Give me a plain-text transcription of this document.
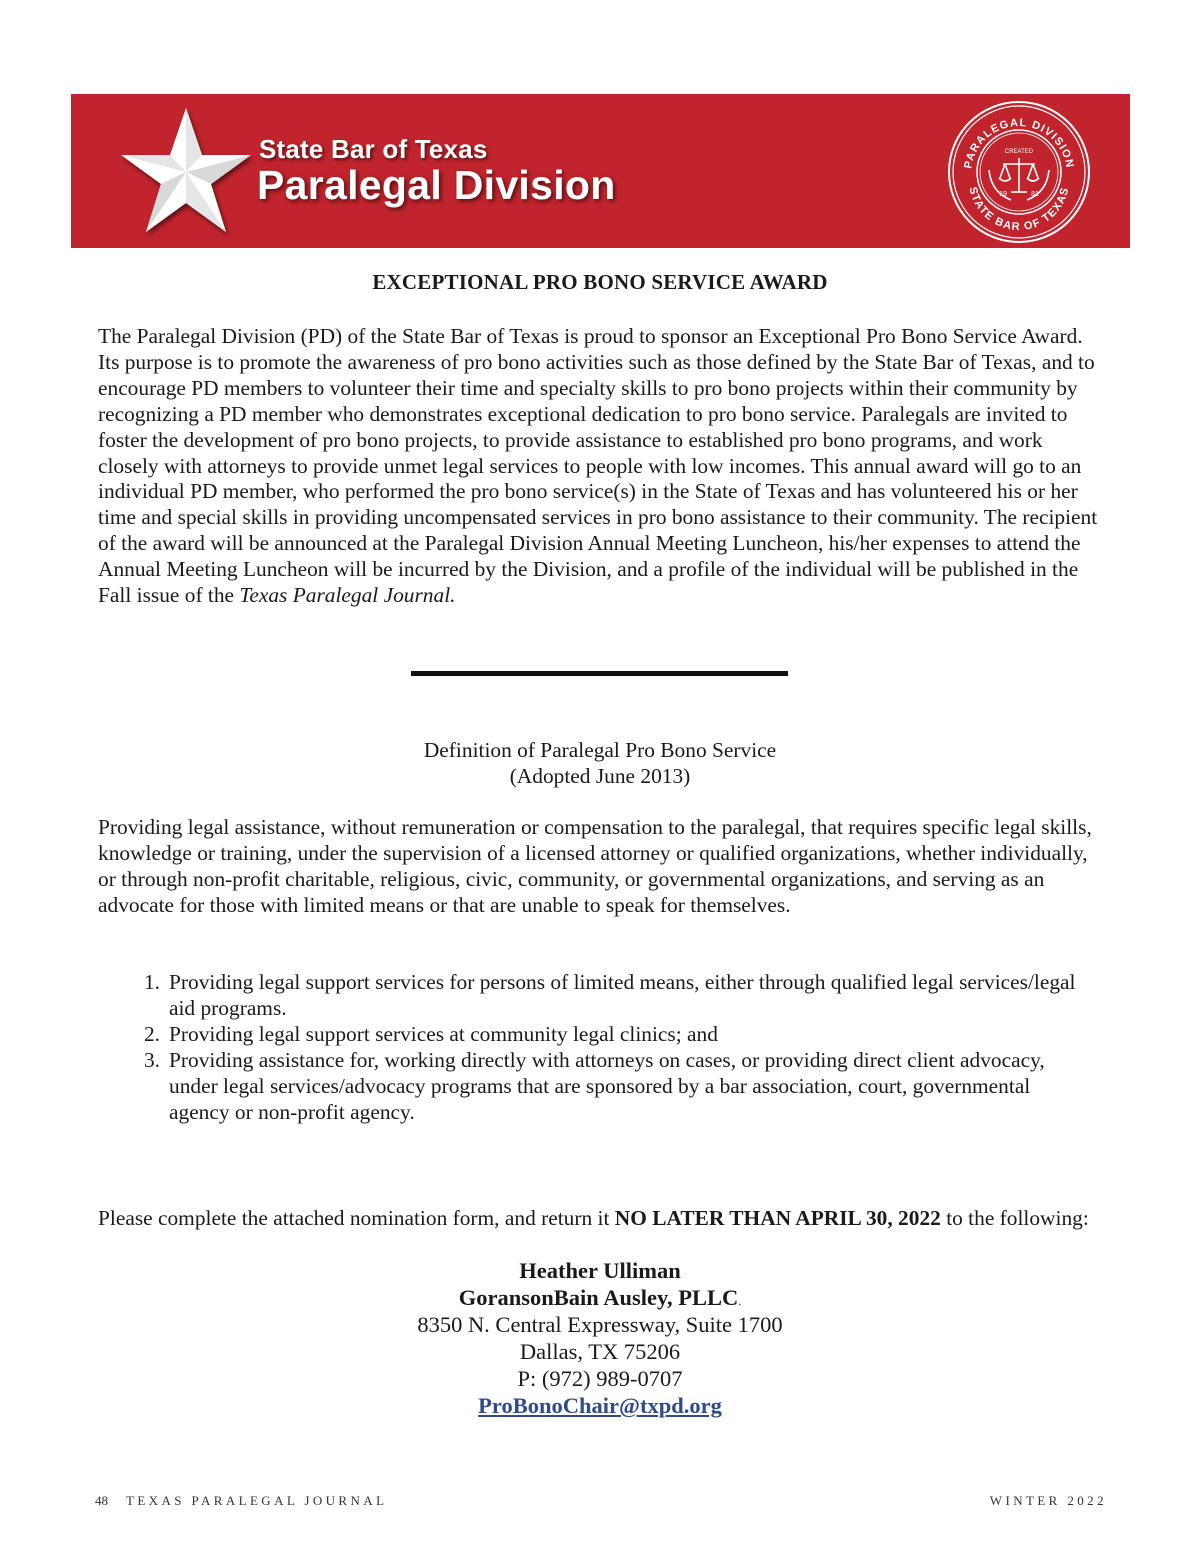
State Bar of Texas
Paralegal Division	PARALEGAL DIVISION
STATE BAR OF TEXAS
CREATED
19	81
EXCEPTIONAL PRO BONO SERVICE AWARD

The Paralegal Division (PD) of the State Bar of Texas is proud to sponsor an Exceptional Pro Bono Service Award. Its purpose is to promote the awareness of pro bono activities such as those defined by the State Bar of Texas, and to encourage PD members to volunteer their time and specialty skills to pro bono projects within their community by recognizing a PD member who demonstrates exceptional dedication to pro bono service. Paralegals are invited to foster the development of pro bono projects, to provide assistance to established pro bono programs, and work closely with attorneys to provide unmet legal services to people with low incomes. This annual award will go to an individual PD member, who performed the pro bono service(s) in the State of Texas and has volunteered his or her time and special skills in providing uncompensated services in pro bono assistance to their community. The recipient of the award will be announced at the Paralegal Division Annual Meeting Luncheon, his/her expenses to attend the Annual Meeting Luncheon will be incurred by the Division, and a profile of the individual will be published in the Fall issue of the Texas Paralegal Journal.

Definition of Paralegal Pro Bono Service
(Adopted June 2013)

Providing legal assistance, without remuneration or compensation to the paralegal, that requires specific legal skills, knowledge or training, under the supervision of a licensed attorney or qualified organizations, whether individually, or through non-profit charitable, religious, civic, community, or governmental organizations, and serving as an advocate for those with limited means or that are unable to speak for themselves.

1. Providing legal support services for persons of limited means, either through qualified legal services/legal aid programs.
2. Providing legal support services at community legal clinics; and
3. Providing assistance for, working directly with attorneys on cases, or providing direct client advocacy, under legal services/advocacy programs that are sponsored by a bar association, court, governmental agency or non-profit agency.

Please complete the attached nomination form, and return it NO LATER THAN APRIL 30, 2022 to the following:

Heather Ulliman
GoransonBain Ausley, PLLC.
8350 N. Central Expressway, Suite 1700
Dallas, TX 75206
P: (972) 989-0707
ProBonoChair@txpd.org
48 TEXAS PARALEGAL JOURNAL	WINTER 2022
